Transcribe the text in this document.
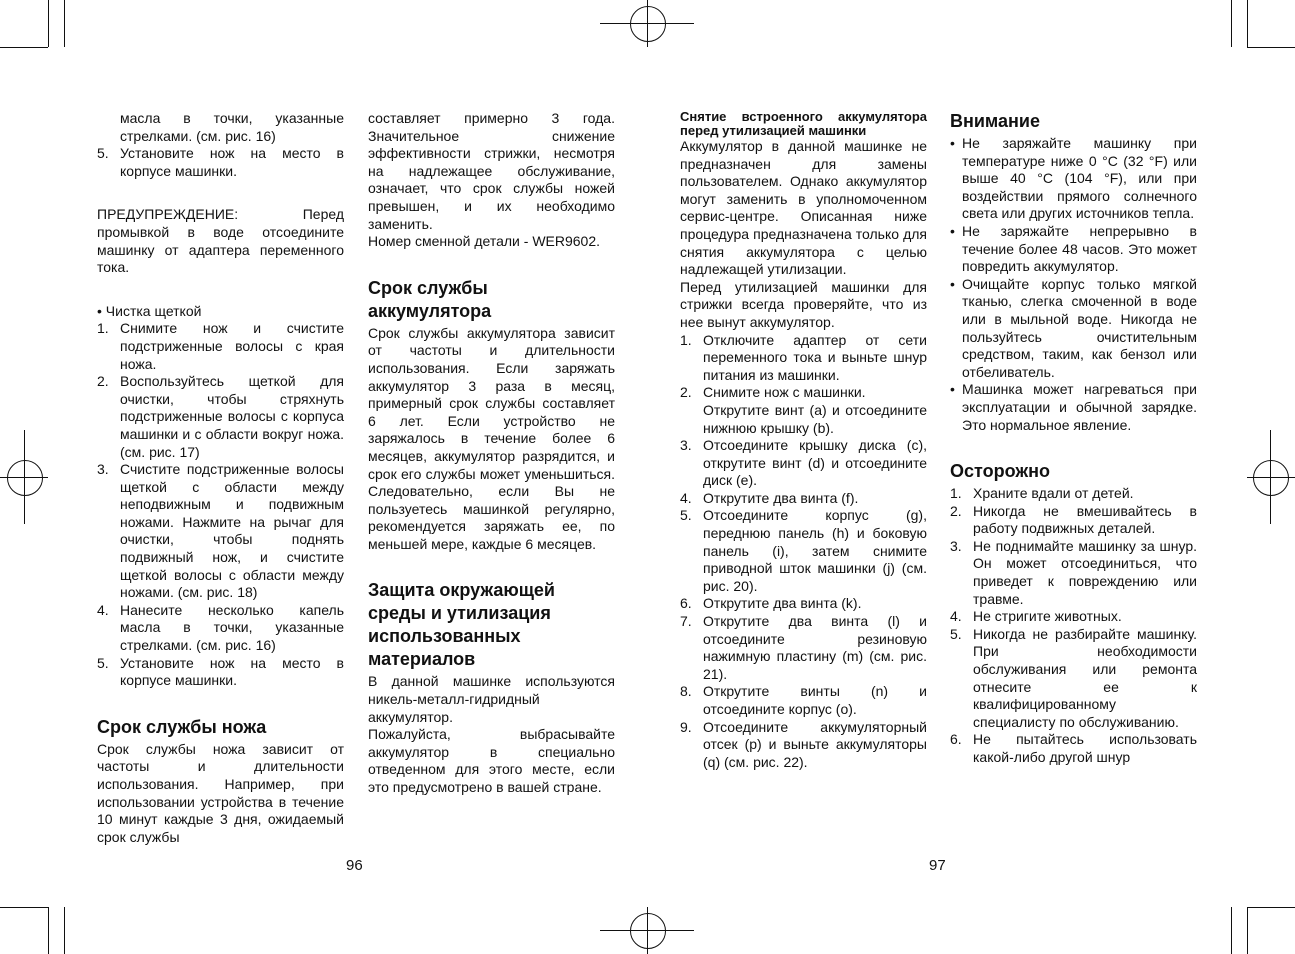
масла в точки, указанные стрелками. (см. рис. 16)

5. Установите нож на место в корпусе машинки.

ПРЕДУПРЕЖДЕНИЕ: Перед промывкой в воде отсоедините машинку от адаптера переменного тока.

• Чистка щеткой

1. Снимите нож и счистите подстриженные волосы с края ножа.
2. Воспользуйтесь щеткой для очистки, чтобы стряхнуть подстриженные волосы с корпуса машинки и с области вокруг ножа. (см. рис. 17)
3. Счистите подстриженные волосы щеткой с области между неподвижным и подвижным ножами. Нажмите на рычаг для очистки, чтобы поднять подвижный нож, и счистите щеткой волосы с области между ножами. (см. рис. 18)
4. Нанесите несколько капель масла в точки, указанные стрелками. (см. рис. 16)
5. Установите нож на место в корпусе машинки.
Срок службы ножа

Срок службы ножа зависит от частоты и длительности использования. Например, при использовании устройства в течение 10 минут каждые 3 дня, ожидаемый срок службы

составляет примерно 3 года. Значительное снижение эффективности стрижки, несмотря на надлежащее обслуживание, означает, что срок службы ножей превышен, и их необходимо заменить.

Номер сменной детали - WER9602.

Срок службы аккумулятора

Срок службы аккумулятора зависит от частоты и длительности использования. Если заряжать аккумулятор 3 раза в месяц, примерный срок службы составляет 6 лет. Если устройство не заряжалось в течение более 6 месяцев, аккумулятор разрядится, и срок его службы может уменьшиться. Следовательно, если Вы не пользуетесь машинкой регулярно, рекомендуется заряжать ее, по меньшей мере, каждые 6 месяцев.

Защита окружающей среды и утилизация использованных материалов

В данной машинке используются никель-металл-гидридный аккумулятор.

Пожалуйста, выбрасывайте аккумулятор в специально отведенном для этого месте, если это предусмотрено в вашей стране.

96
Снятие встроенного аккумулятора перед утилизацией машинки

Аккумулятор в данной машинке не предназначен для замены пользователем. Однако аккумулятор могут заменить в уполномоченном сервис-центре. Описанная ниже процедура предназначена только для снятия аккумулятора с целью надлежащей утилизации.

Перед утилизацией машинки для стрижки всегда проверяйте, что из нее вынут аккумулятор.

1. Отключите адаптер от сети переменного тока и выньте шнур питания из машинки.
2. Снимите нож с машинки.
Открутите винт (a) и отсоедините нижнюю крышку (b).
3. Отсоедините крышку диска (c), открутите винт (d) и отсоедините диск (e).
4. Открутите два винта (f).
5. Отсоедините корпус (g), переднюю панель (h) и боковую панель (i), затем снимите приводной шток машинки (j) (см. рис. 20).
6. Открутите два винта (k).
7. Открутите два винта (l) и отсоедините резиновую нажимную пластину (m) (см. рис. 21).
8. Открутите винты (n) и отсоедините корпус (o).
9. Отсоедините аккумуляторный отсек (p) и выньте аккумуляторы (q) (см. рис. 22).
Внимание
• Не заряжайте машинку при температуре ниже 0 °C (32 °F) или выше 40 °C (104 °F), или при воздействии прямого солнечного света или других источников тепла.
• Не заряжайте непрерывно в течение более 48 часов. Это может повредить аккумулятор.
• Очищайте корпус только мягкой тканью, слегка смоченной в воде или в мыльной воде. Никогда не пользуйтесь очистительным средством, таким, как бензол или отбеливатель.
• Машинка может нагреваться при эксплуатации и обычной зарядке. Это нормальное явление.
Осторожно
1. Храните вдали от детей.
2. Никогда не вмешивайтесь в работу подвижных деталей.
3. Не поднимайте машинку за шнур. Он может отсоединиться, что приведет к повреждению или травме.
4. Не стригите животных.
5. Никогда не разбирайте машинку. При необходимости обслуживания или ремонта отнесите ее к квалифицированному специалисту по обслуживанию.
6. Не пытайтесь использовать какой-либо другой шнур
97
